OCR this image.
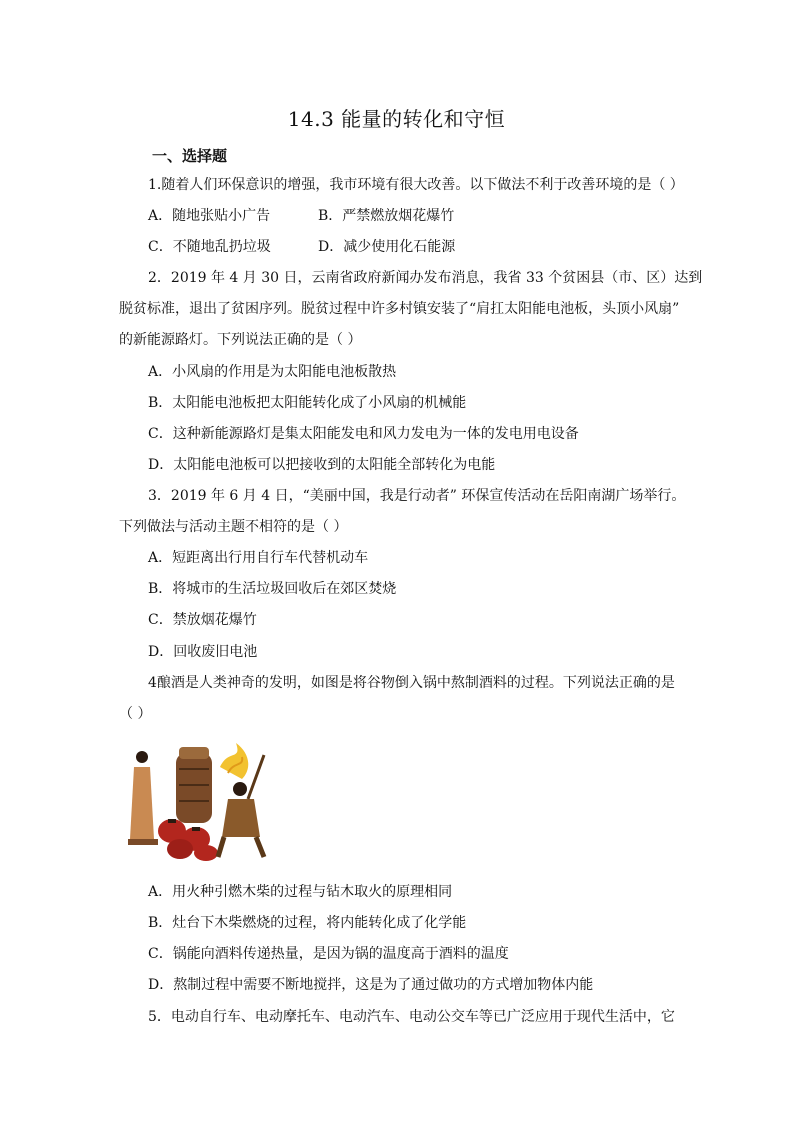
14.3 能量的转化和守恒
一、选择题
1.随着人们环保意识的增强，我市环境有很大改善。以下做法不利于改善环境的是（ ）
A．随地张贴小广告	B．严禁燃放烟花爆竹
C．不随地乱扔垃圾	D．减少使用化石能源
2．2019 年 4 月 30 日，云南省政府新闻办发布消息，我省 33 个贫困县（市、区）达到
脱贫标准，退出了贫困序列。脱贫过程中许多村镇安装了“肩扛太阳能电池板，头顶小风扇”
的新能源路灯。下列说法正确的是（ ）
A．小风扇的作用是为太阳能电池板散热
B．太阳能电池板把太阳能转化成了小风扇的机械能
C．这种新能源路灯是集太阳能发电和风力发电为一体的发电用电设备
D．太阳能电池板可以把接收到的太阳能全部转化为电能
3．2019 年 6 月 4 日，“美丽中国，我是行动者” 环保宣传活动在岳阳南湖广场举行。
下列做法与活动主题不相符的是（ ）
A．短距离出行用自行车代替机动车
B．将城市的生活垃圾回收后在郊区焚烧
C．禁放烟花爆竹
D．回收废旧电池
4酿酒是人类神奇的发明，如图是将谷物倒入锅中熬制酒料的过程。下列说法正确的是
（ ）
A．用火种引燃木柴的过程与钻木取火的原理相同
B．灶台下木柴燃烧的过程，将内能转化成了化学能
C．锅能向酒料传递热量，是因为锅的温度高于酒料的温度
D．熬制过程中需要不断地搅拌，这是为了通过做功的方式增加物体内能
5．电动自行车、电动摩托车、电动汽车、电动公交车等已广泛应用于现代生活中，它
